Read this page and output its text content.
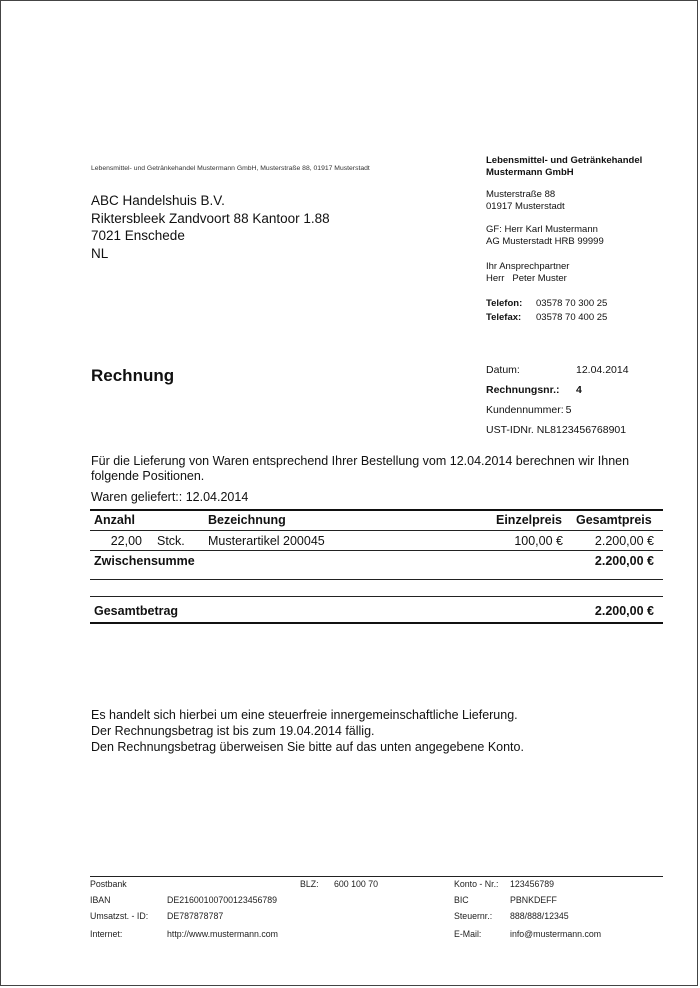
Lebensmittel- und Getränkehandel Mustermann GmbH, Musterstraße 88, 01917 Musterstadt
ABC Handelshuis B.V.
Riktersbleek Zandvoort 88 Kantoor 1.88
7021 Enschede
NL
Lebensmittel- und Getränkehandel
Mustermann GmbH
Musterstraße 88
01917 Musterstadt
GF: Herr Karl Mustermann
AG Musterstadt HRB 99999
Ihr Ansprechpartner
Herr Peter Muster
Telefon:	03578 70 300 25
Telefax:	03578 70 400 25
Rechnung	Datum:	12.04.2014
Rechnungsnr.:	4
Kundennummer: 5
UST-IDNr. NL8123456768901
Für die Lieferung von Waren entsprechend Ihrer Bestellung vom 12.04.2014 berechnen wir Ihnen folgende Positionen.
Waren geliefert:: 12.04.2014
Anzahl	Bezeichnung	Einzelpreis Gesamtpreis
22,00 Stck. Musterartikel 200045	100,00 €	2.200,00 €
Zwischensumme	2.200,00 €
Gesamtbetrag	2.200,00 €
Es handelt sich hierbei um eine steuerfreie innergemeinschaftliche Lieferung.
Der Rechnungsbetrag ist bis zum 19.04.2014 fällig.
Den Rechnungsbetrag überweisen Sie bitte auf das unten angegebene Konto.
Postbank	BLZ: 600 100 70	Konto - Nr.: 123456789
IBAN	DE21600100700123456789	BIC	PBNKDEFF
Umsatzst. - ID: DE787878787	Steuernr.: 888/888/12345
Internet:	http://www.mustermann.com	E-Mail:	info@mustermann.com
